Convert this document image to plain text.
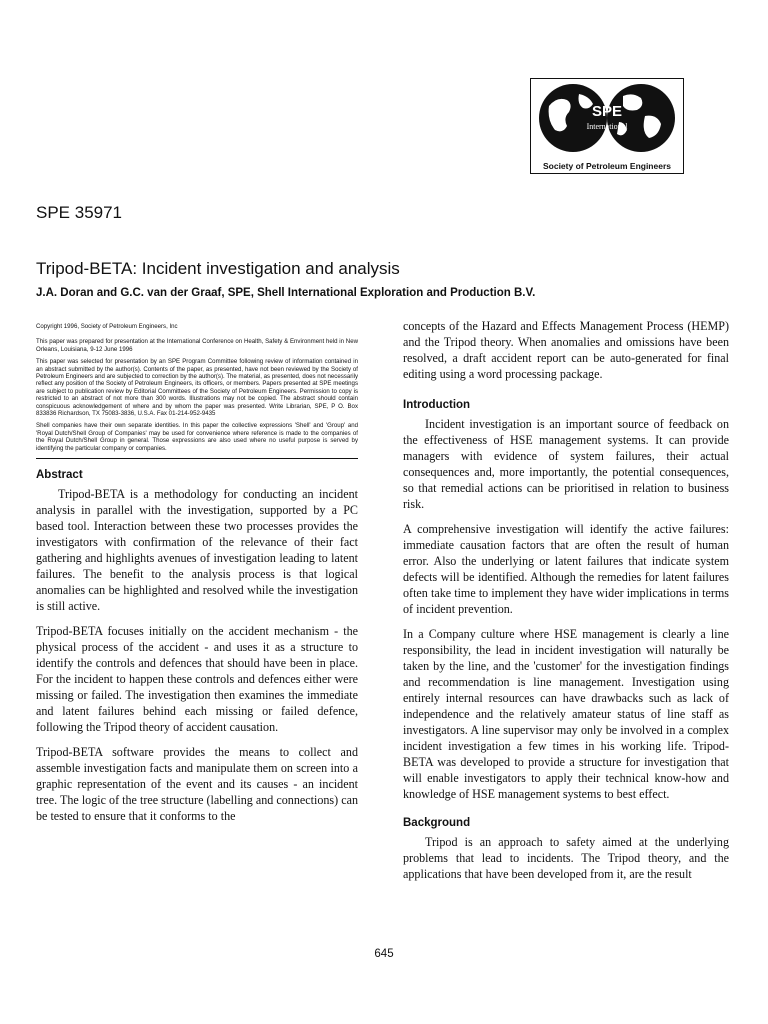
SPE
International
Society of Petroleum Engineers
SPE 35971
Tripod-BETA: Incident investigation and analysis

J.A. Doran and G.C. van der Graaf, SPE, Shell International Exploration and Production B.V.

Copyright 1996, Society of Petroleum Engineers, Inc

This paper was prepared for presentation at the International Conference on Health, Safety & Environment held in New Orleans, Louisiana, 9-12 June 1996

This paper was selected for presentation by an SPE Program Committee following review of information contained in an abstract submitted by the author(s). Contents of the paper, as presented, have not been reviewed by the Society of Petroleum Engineers and are subjected to correction by the author(s). The material, as presented, does not necessarily reflect any position of the Society of Petroleum Engineers, its officers, or members. Papers presented at SPE meetings are subject to publication review by Editorial Committees of the Society of Petroleum Engineers. Permission to copy is restricted to an abstract of not more than 300 words. Illustrations may not be copied. The abstract should contain conspicuous acknowledgement of where and by whom the paper was presented. Write Librarian, SPE, P O. Box 833836 Richardson, TX 75083-3836, U.S.A. Fax 01-214-952-9435

Shell companies have their own separate identities. In this paper the collective expressions 'Shell' and 'Group' and 'Royal Dutch/Shell Group of Companies' may be used for convenience where reference is made to the companies of the Royal Dutch/Shell Group in general. Those expressions are also used where no useful purpose is served by identifying the particular company or companies.

Abstract

Tripod-BETA is a methodology for conducting an incident analysis in parallel with the investigation, supported by a PC based tool. Interaction between these two processes provides the investigators with confirmation of the relevance of their fact gathering and highlights avenues of investigation leading to latent failures. The benefit to the analysis process is that logical anomalies can be highlighted and resolved while the investigation is still active.

Tripod-BETA focuses initially on the accident mechanism - the physical process of the accident - and uses it as a structure to identify the controls and defences that should have been in place. For the incident to happen these controls and defences either were missing or failed. The investigation then examines the immediate and latent failures behind each missing or failed defence, following the Tripod theory of accident causation.

Tripod-BETA software provides the means to collect and assemble investigation facts and manipulate them on screen into a graphic representation of the event and its causes - an incident tree. The logic of the tree structure (labelling and connections) can be tested to ensure that it conforms to the

concepts of the Hazard and Effects Management Process (HEMP) and the Tripod theory. When anomalies and omissions have been resolved, a draft accident report can be auto-generated for final editing using a word processing package.

Introduction

Incident investigation is an important source of feedback on the effectiveness of HSE management systems. It can provide managers with evidence of system failures, their actual consequences and, more importantly, the potential consequences, so that remedial actions can be prioritised in relation to business risk.

A comprehensive investigation will identify the active failures: immediate causation factors that are often the result of human error. Also the underlying or latent failures that indicate system defects will be identified. Although the remedies for latent failures often take time to implement they have wider implications in terms of incident prevention.

In a Company culture where HSE management is clearly a line responsibility, the lead in incident investigation will naturally be taken by the line, and the 'customer' for the investigation findings and recommendation is line management. Investigation using entirely internal resources can have drawbacks such as lack of independence and the relatively amateur status of line staff as investigators. A line supervisor may only be involved in a complex incident investigation a few times in his working life. Tripod-BETA was developed to provide a structure for investigation that will enable investigators to apply their technical know-how and knowledge of HSE management systems to best effect.

Background

Tripod is an approach to safety aimed at the underlying problems that lead to incidents. The Tripod theory, and the applications that have been developed from it, are the result

645
